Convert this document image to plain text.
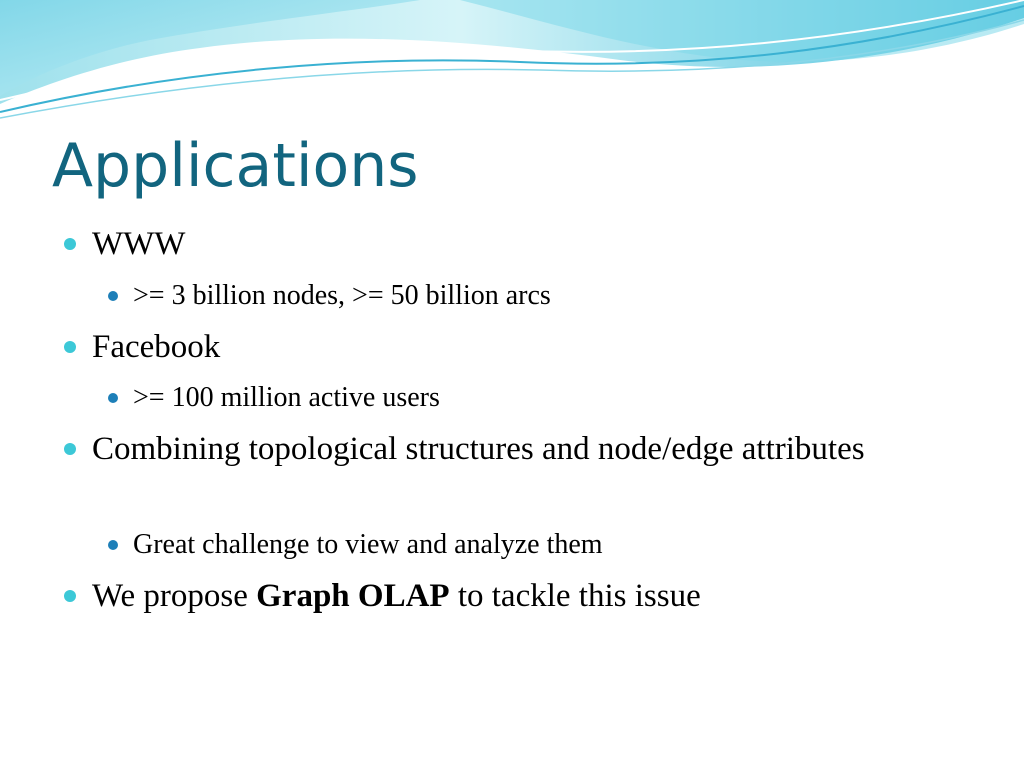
Applications
WWW
>= 3 billion nodes, >= 50 billion arcs
Facebook
>= 100 million active users
Combining topological structures and node/edge attributes
Great challenge to view and analyze them
We propose Graph OLAP to tackle this issue
